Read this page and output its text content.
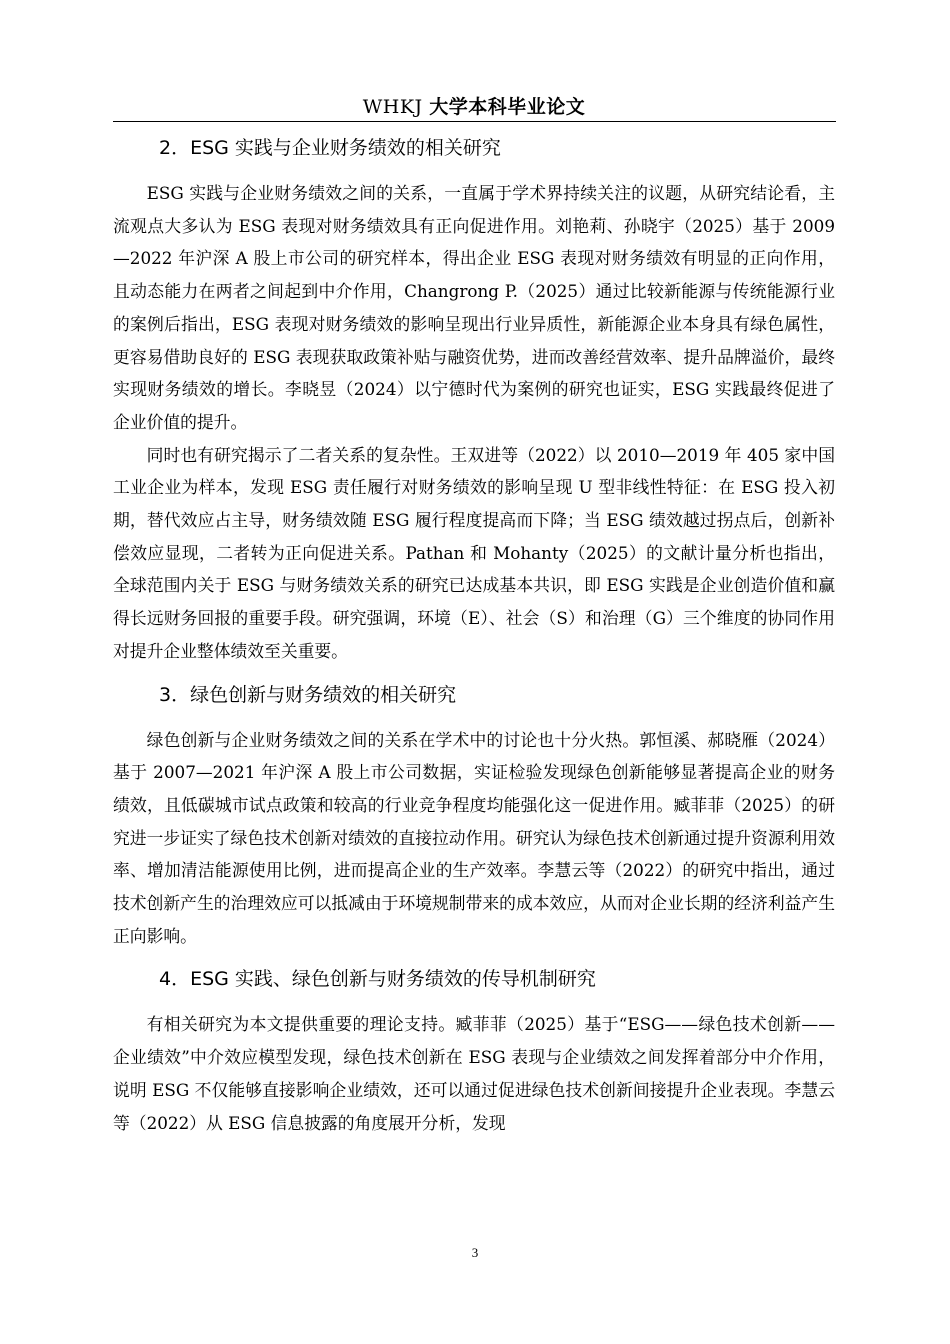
WHKJ 大学本科毕业论文
2．ESG 实践与企业财务绩效的相关研究

ESG 实践与企业财务绩效之间的关系，一直属于学术界持续关注的议题，从研究结论看，主流观点大多认为 ESG 表现对财务绩效具有正向促进作用。刘艳莉、孙晓宇（2025）基于 2009—2022 年沪深 A 股上市公司的研究样本，得出企业 ESG 表现对财务绩效有明显的正向作用，且动态能力在两者之间起到中介作用，Changrong P.（2025）通过比较新能源与传统能源行业的案例后指出，ESG 表现对财务绩效的影响呈现出行业异质性，新能源企业本身具有绿色属性，更容易借助良好的 ESG 表现获取政策补贴与融资优势，进而改善经营效率、提升品牌溢价，最终实现财务绩效的增长。李晓昱（2024）以宁德时代为案例的研究也证实，ESG 实践最终促进了企业价值的提升。

同时也有研究揭示了二者关系的复杂性。王双进等（2022）以 2010—2019 年 405 家中国工业企业为样本，发现 ESG 责任履行对财务绩效的影响呈现 U 型非线性特征：在 ESG 投入初期，替代效应占主导，财务绩效随 ESG 履行程度提高而下降；当 ESG 绩效越过拐点后，创新补偿效应显现，二者转为正向促进关系。Pathan 和 Mohanty（2025）的文献计量分析也指出，全球范围内关于 ESG 与财务绩效关系的研究已达成基本共识，即 ESG 实践是企业创造价值和赢得长远财务回报的重要手段。研究强调，环境（E）、社会（S）和治理（G）三个维度的协同作用对提升企业整体绩效至关重要。

3．绿色创新与财务绩效的相关研究

绿色创新与企业财务绩效之间的关系在学术中的讨论也十分火热。郭恒溪、郝晓雁（2024）基于 2007—2021 年沪深 A 股上市公司数据，实证检验发现绿色创新能够显著提高企业的财务绩效，且低碳城市试点政策和较高的行业竞争程度均能强化这一促进作用。臧菲菲（2025）的研究进一步证实了绿色技术创新对绩效的直接拉动作用。研究认为绿色技术创新通过提升资源利用效率、增加清洁能源使用比例，进而提高企业的生产效率。李慧云等（2022）的研究中指出，通过技术创新产生的治理效应可以抵减由于环境规制带来的成本效应，从而对企业长期的经济利益产生正向影响。

4．ESG 实践、绿色创新与财务绩效的传导机制研究

有相关研究为本文提供重要的理论支持。臧菲菲（2025）基于“ESG——绿色技术创新——企业绩效”中介效应模型发现，绿色技术创新在 ESG 表现与企业绩效之间发挥着部分中介作用，说明 ESG 不仅能够直接影响企业绩效，还可以通过促进绿色技术创新间接提升企业表现。李慧云等（2022）从 ESG 信息披露的角度展开分析，发现

3
